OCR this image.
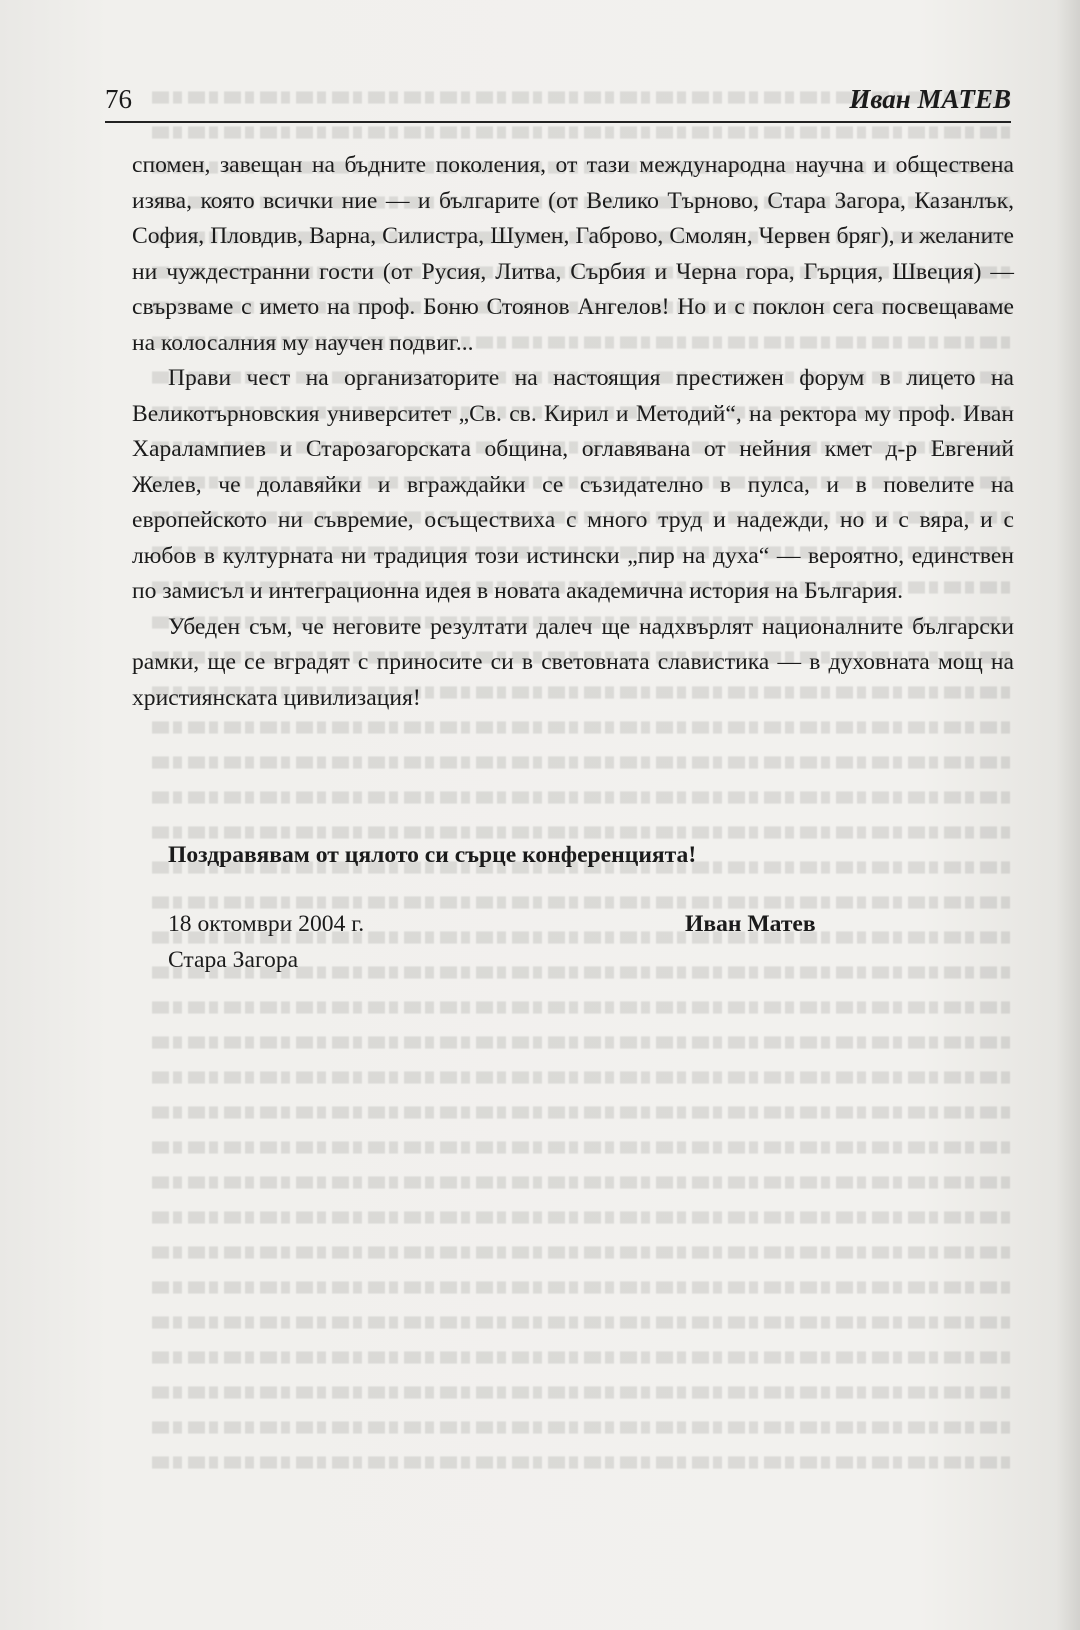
76	Иван МАТЕВ

спомен, завещан на бъдните поколения, от тази международна научна и обществена изява, която всички ние — и българите (от Велико Търново, Стара Загора, Казанлък, София, Пловдив, Варна, Силистра, Шумен, Габрово, Смолян, Червен бряг), и желаните ни чуждестранни гости (от Русия, Литва, Сърбия и Черна гора, Гърция, Швеция) — свързваме с името на проф. Боню Стоянов Ангелов! Но и с поклон сега посвещаваме на колосалния му научен подвиг...

Прави чест на организаторите на настоящия престижен форум в лицето на Великотърновския университет „Св. св. Кирил и Методий“, на ректора му проф. Иван Харалампиев и Старозагорската община, оглавявана от нейния кмет д-р Евгений Желев, че долавяйки и вграждайки се съзидателно в пулса, и в повелите на европейското ни съвремие, осъществиха с много труд и надежди, но и с вяра, и с любов в културната ни традиция този истински „пир на духа“ — вероятно, единствен по замисъл и интеграционна идея в новата академична история на България.

Убеден съм, че неговите резултати далеч ще надхвърлят националните български рамки, ще се вградят с приносите си в световната славистика — в духовната мощ на християнската цивилизация!

Поздравявам от цялото си сърце конференцията!
18 октомври 2004 г.	Иван Матев
Стара Загора
